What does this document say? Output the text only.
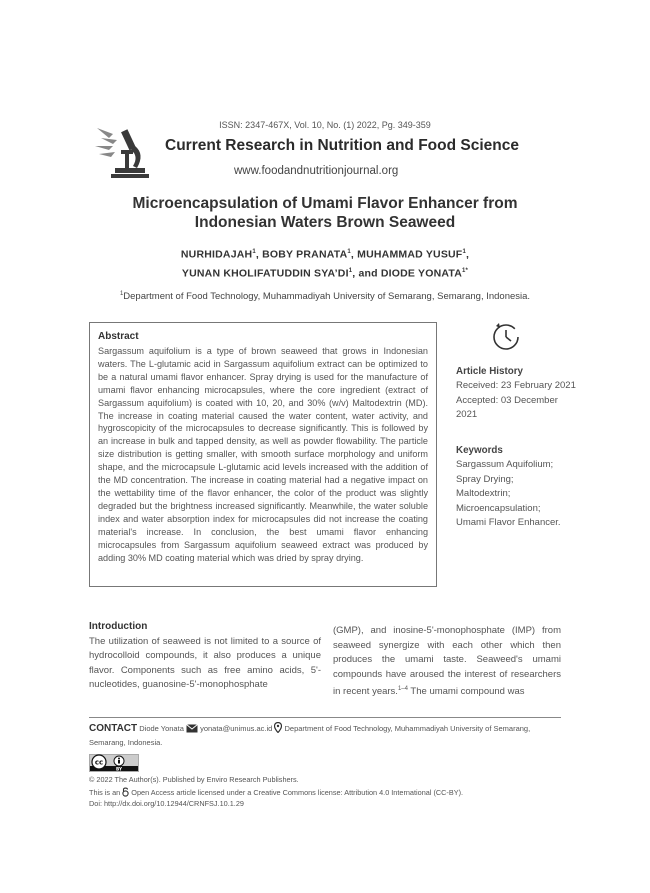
ISSN: 2347-467X, Vol. 10, No. (1) 2022, Pg. 349-359
Current Research in Nutrition and Food Science
www.foodandnutritionjournal.org
Microencapsulation of Umami Flavor Enhancer from
Indonesian Waters Brown Seaweed
NURHIDAJAH$^1$, BOBY PRANATA$^1$, MUHAMMAD YUSUF$^1$,
YUNAN KHOLIFATUDDIN $SYA’DI^1$, and DIODE $YONATA^{1*}$
$^1$Department of Food Technology, Muhammadiyah University of Semarang, Semarang, Indonesia.
Abstract

Sargassum aquifolium is a type of brown seaweed that grows in Indonesian waters. The L-glutamic acid in Sargassum aquifolium extract can be optimized to be a natural umami flavor enhancer. Spray drying is used for the manufacture of umami flavor enhancing microcapsules, where the core ingredient (extract of Sargassum aquifolium) is coated with 10, 20, and 30% (w/v) Maltodextrin (MD). The increase in coating material caused the water content, water activity, and hygroscopicity of the microcapsules to decrease significantly. This is followed by an increase in bulk and tapped density, as well as powder flowability. The particle size distribution is getting smaller, with smooth surface morphology and uniform shape, and the microcapsule L-glutamic acid levels increased with the addition of the MD concentration. The increase in coating material had a negative impact on the wettability time of the flavor enhancer, the color of the product was slightly degraded but the brightness increased significantly. Meanwhile, the water soluble index and water absorption index for microcapsules did not increase the coating material's increase. In conclusion, the best umami flavor enhancing microcapsules from Sargassum aquifolium seaweed extract was produced by adding 30% MD coating material which was dried by spray drying.

Article History
Received: 23 February 2021
Accepted: 03 December 2021
Keywords
Sargassum Aquifolium;
Spray Drying;
Maltodextrin;
Microencapsulation;
Umami Flavor Enhancer.
Introduction
The utilization of seaweed is not limited to a source of hydrocolloid compounds, it also produces a unique flavor. Components such as free amino acids, 5'-nucleotides, guanosine-5'-monophosphate
(GMP), and inosine-5'-monophosphate (IMP) from seaweed synergize with each other which then produces the umami taste. Seaweed's umami compounds have aroused the interest of researchers in recent years.$^{1-4}$ The umami compound was
CONTACT Diode Yonata yonata@unimus.ac.id Department of Food Technology, Muhammadiyah University of Semarang, Semarang, Indonesia.
cc
BY
© 2022 The Author(s). Published by Enviro Research Publishers.
This is an Open Access article licensed under a Creative Commons license: Attribution 4.0 International (CC-BY).
Doi: http://dx.doi.org/10.12944/CRNFSJ.10.1.29
